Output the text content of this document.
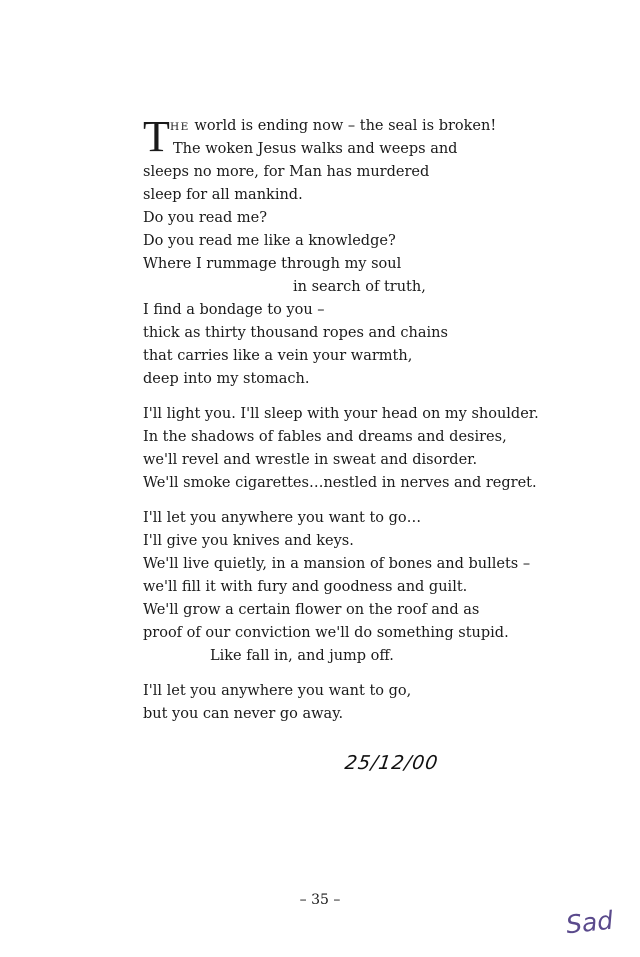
T HE world is ending now – the seal is broken!
The woken Jesus walks and weeps and
sleeps no more, for Man has murdered
sleep for all mankind.
Do you read me?
Do you read me like a knowledge?
Where I rummage through my soul
in search of truth,
I find a bondage to you –
thick as thirty thousand ropes and chains
that carries like a vein your warmth,
deep into my stomach.
I'll light you. I'll sleep with your head on my shoulder.
In the shadows of fables and dreams and desires,
we'll revel and wrestle in sweat and disorder.
We'll smoke cigarettes…nestled in nerves and regret.
I'll let you anywhere you want to go…
I'll give you knives and keys.
We'll live quietly, in a mansion of bones and bullets –
we'll fill it with fury and goodness and guilt.
We'll grow a certain flower on the roof and as
proof of our conviction we'll do something stupid.
Like fall in, and jump off.
I'll let you anywhere you want to go,
but you can never go away.
25/12/00
– 35 –
Sad
